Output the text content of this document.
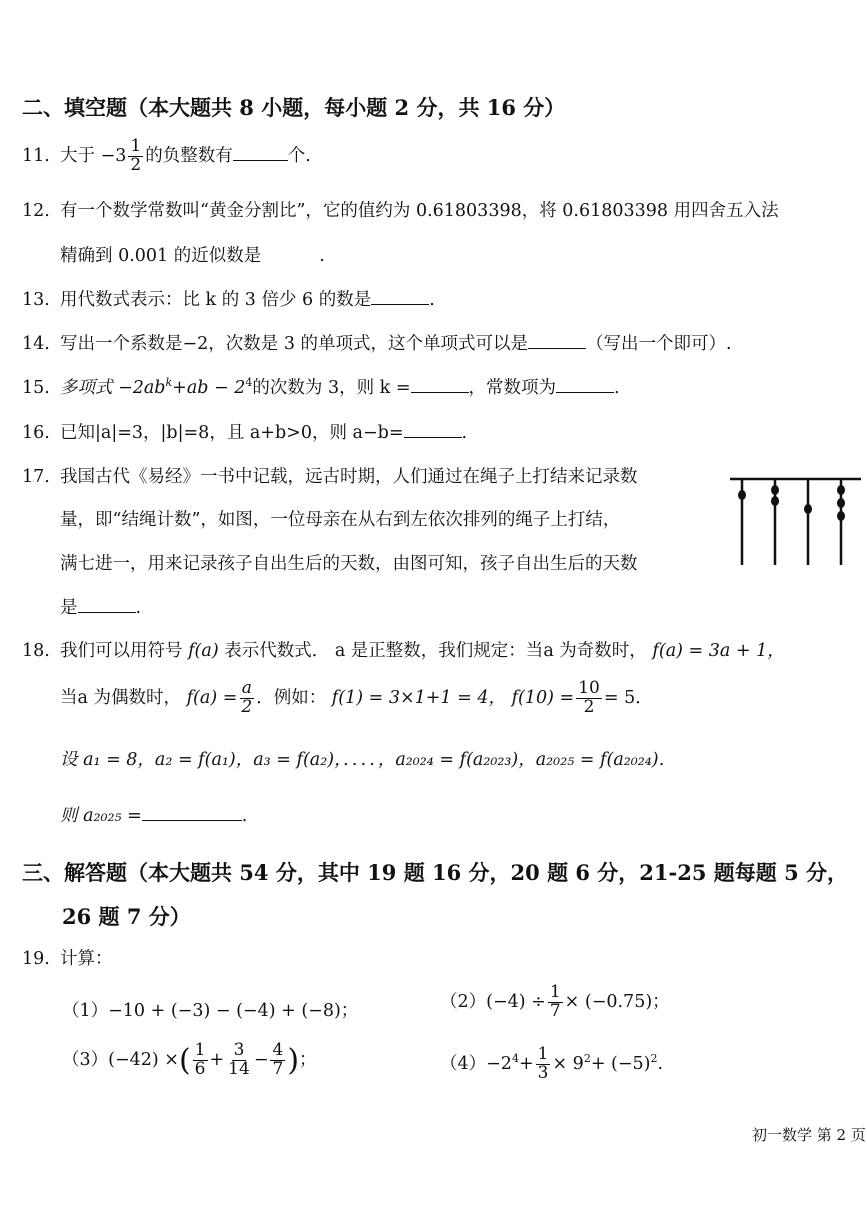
二、填空题（本大题共 8 小题，每小题 2 分，共 16 分）
11. 大于 $-3 \frac{1}{2}$ 的负整数有	个.
12. 有一个数学常数叫“黄金分割比”，它的值约为 0.61803398，将 0.61803398 用四舍五入法
精确到 0.001 的近似数是	.
13. 用代数式表示：比 k 的 3 倍少 6 的数是	.
14. 写出一个系数是−2，次数是 3 的单项式，这个单项式可以是	（写出一个即可）.
15. 多项式 $-2ab^k+ab - 2^4$的次数为 3，则 k =	，常数项为	.
16. 已知|a|=3，|b|=8，且 a+b>0，则 a−b=	.
17. 我国古代《易经》一书中记载，远古时期，人们通过在绳子上打结来记录数
量，即“结绳计数”，如图，一位母亲在从右到左依次排列的绳子上打结，
满七进一，用来记录孩子自出生后的天数，由图可知，孩子自出生后的天数
是	.
18. 我们可以用符号 f(a) 表示代数式． a 是正整数，我们规定：当a 为奇数时， f(a) = 3a + 1，
当a 为偶数时， $f(a) = \frac{a}{2}$ ．例如： f(1) = 3×1+1 = 4， $f(10) = \frac{10}{2} = 5$．
设 a₁ = 8，a₂ = f(a₁)，a₃ = f(a₂)，．．．．，a₂₀₂₄ = f(a₂₀₂₃)，a₂₀₂₅ = f(a₂₀₂₄)．
则 a₂₀₂₅ =	.
三、解答题（本大题共 54 分，其中 19 题 16 分，20 题 6 分，21-25 题每题 5 分，
26 题 7 分）
19. 计算：
（1）−10 + (−3) − (−4) + (−8)；	$(2)(-4) \div \frac{1}{7} \times (-0.75)$；
（3）(−42) ×( $\frac{1}{6} + \frac{3}{14} - \frac{4}{7}$ )；	$(4)-2^4+ \frac{1}{3} \times 9^2+ (-5)^2$.
初一数学 第 2 页
